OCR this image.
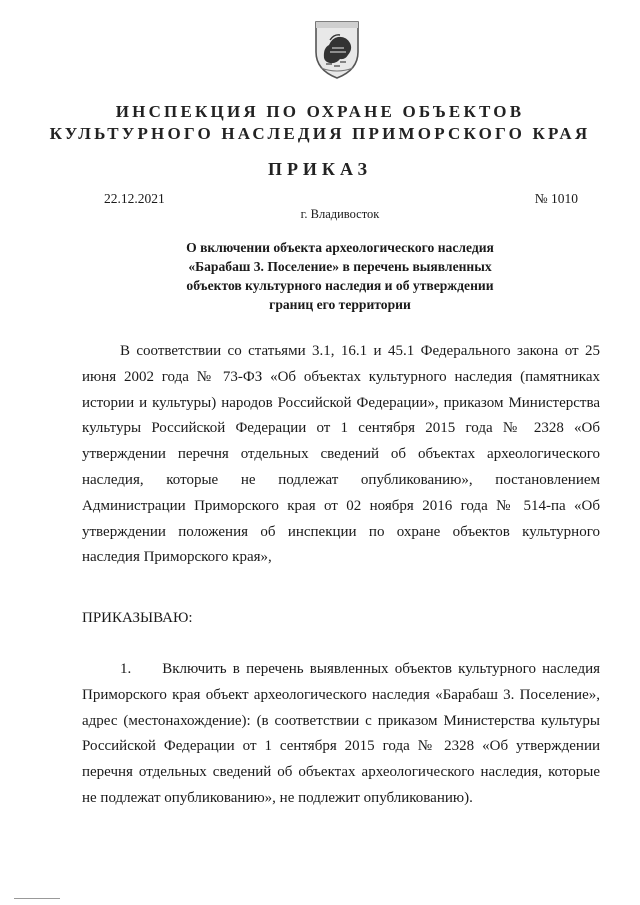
ИНСПЕКЦИЯ ПО ОХРАНЕ ОБЪЕКТОВ
КУЛЬТУРНОГО НАСЛЕДИЯ ПРИМОРСКОГО КРАЯ
ПРИКАЗ
22.12.2021	№ 1010
г. Владивосток
О включении объекта археологического наследия
«Барабаш 3. Поселение» в перечень выявленных
объектов культурного наследия и об утверждении
границ его территории
В соответствии со статьями 3.1, 16.1 и 45.1 Федерального закона от 25 июня 2002 года № 73-ФЗ «Об объектах культурного наследия (памятниках истории и культуры) народов Российской Федерации», приказом Министерства культуры Российской Федерации от 1 сентября 2015 года № 2328 «Об утверждении перечня отдельных сведений об объектах археологического наследия, которые не подлежат опубликованию», постановлением Администрации Приморского края от 02 ноября 2016 года № 514-па «Об утверждении положения об инспекции по охране объектов культурного наследия Приморского края»,
ПРИКАЗЫВАЮ:
1.     Включить в перечень выявленных объектов культурного наследия Приморского края объект археологического наследия «Барабаш 3. Поселение», адрес (местонахождение): (в соответствии с приказом Министерства культуры Российской Федерации от 1 сентября 2015 года № 2328 «Об утверждении перечня отдельных сведений об объектах археологического наследия, которые не подлежат опубликованию», не подлежит опубликованию).
